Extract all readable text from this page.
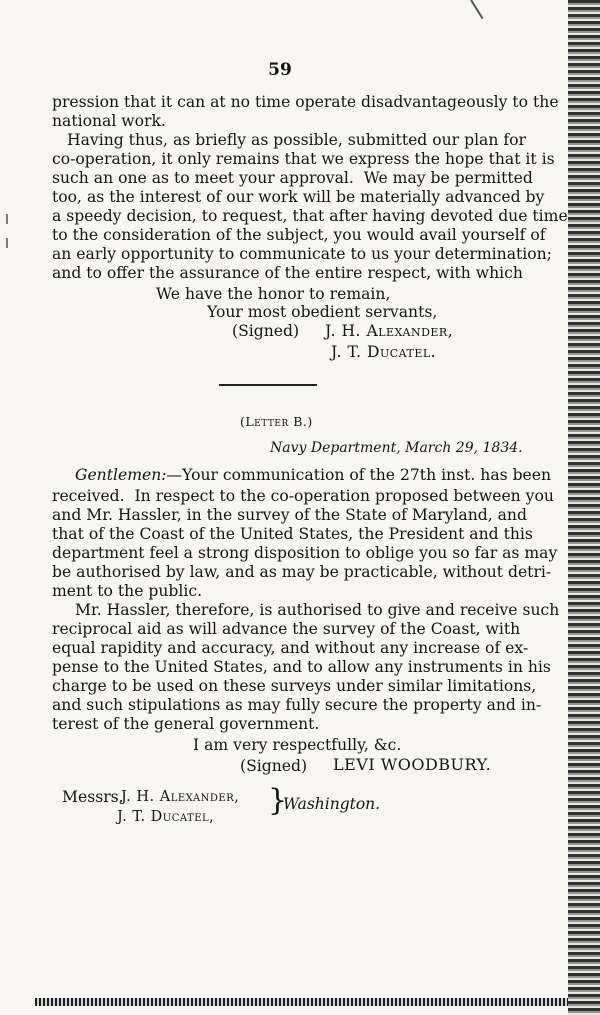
59
pression that it can at no time operate disadvantageously to the
national work.
Having thus, as briefly as possible, submitted our plan for
co-operation, it only remains that we express the hope that it is
such an one as to meet your approval.  We may be permitted
too, as the interest of our work will be materially advanced by
a speedy decision, to request, that after having devoted due time
to the consideration of the subject, you would avail yourself of
an early opportunity to communicate to us your determination;
and to offer the assurance of the entire respect, with which
We have the honor to remain,
Your most obedient servants,
(Signed) J. H. Alexander,
J. T. Ducatel.
(Letter B.)
Navy Department, March 29, 1834.
Gentlemen:—Your communication of the 27th inst. has been
received.  In respect to the co-operation proposed between you
and Mr. Hassler, in the survey of the State of Maryland, and
that of the Coast of the United States, the President and this
department feel a strong disposition to oblige you so far as may
be authorised by law, and as may be practicable, without detri-
ment to the public.
Mr. Hassler, therefore, is authorised to give and receive such
reciprocal aid as will advance the survey of the Coast, with
equal rapidity and accuracy, and without any increase of ex-
pense to the United States, and to allow any instruments in his
charge to be used on these surveys under similar limitations,
and such stipulations as may fully secure the property and in-
terest of the general government.
I am very respectfully, &c.
(Signed) LEVI WOODBURY.
Messrs.
J. H. Alexander,
J. T. Ducatel, }
Washington.
